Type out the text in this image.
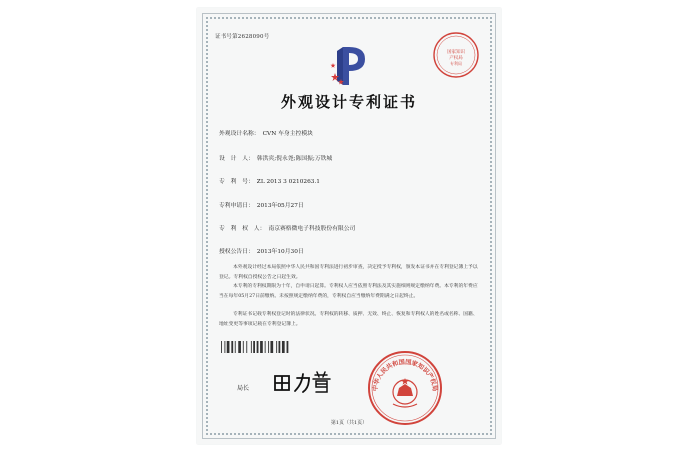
证书号第2628090号
国家知识
产权局
专利局
外观设计专利证书
外观设计名称： CVN 车身主控模块
设　计　人： 韩洪宾;倪永尧;陈国振;万铁城
专　利　号： ZL 2013 3 0210263.1
专利申请日： 2013年05月27日
专　利　权　人： 南京赛格微电子科技股份有限公司
授权公告日： 2013年10月30日
本外观设计经过本局依照中华人民共和国专利法进行初步审查，决定授予专利权，颁发本证书并在专利登记簿上予以登记。专利权自授权公告之日起生效。
本专利的专利权期限为十年，自申请日起算。专利权人应当依照专利法及其实施细则规定缴纳年费。本专利的年费应当在每年05月27日前缴纳。未按照规定缴纳年费的，专利权自应当缴纳年费期满之日起终止。
专利证书记载专利权登记时的法律状况。专利权的转移、质押、无效、终止、恢复和专利权人的姓名或名称、国籍、地址变更等事项记载在专利登记簿上。
局长	中华人民共和国国家知识产权局
第1页（共1页）
